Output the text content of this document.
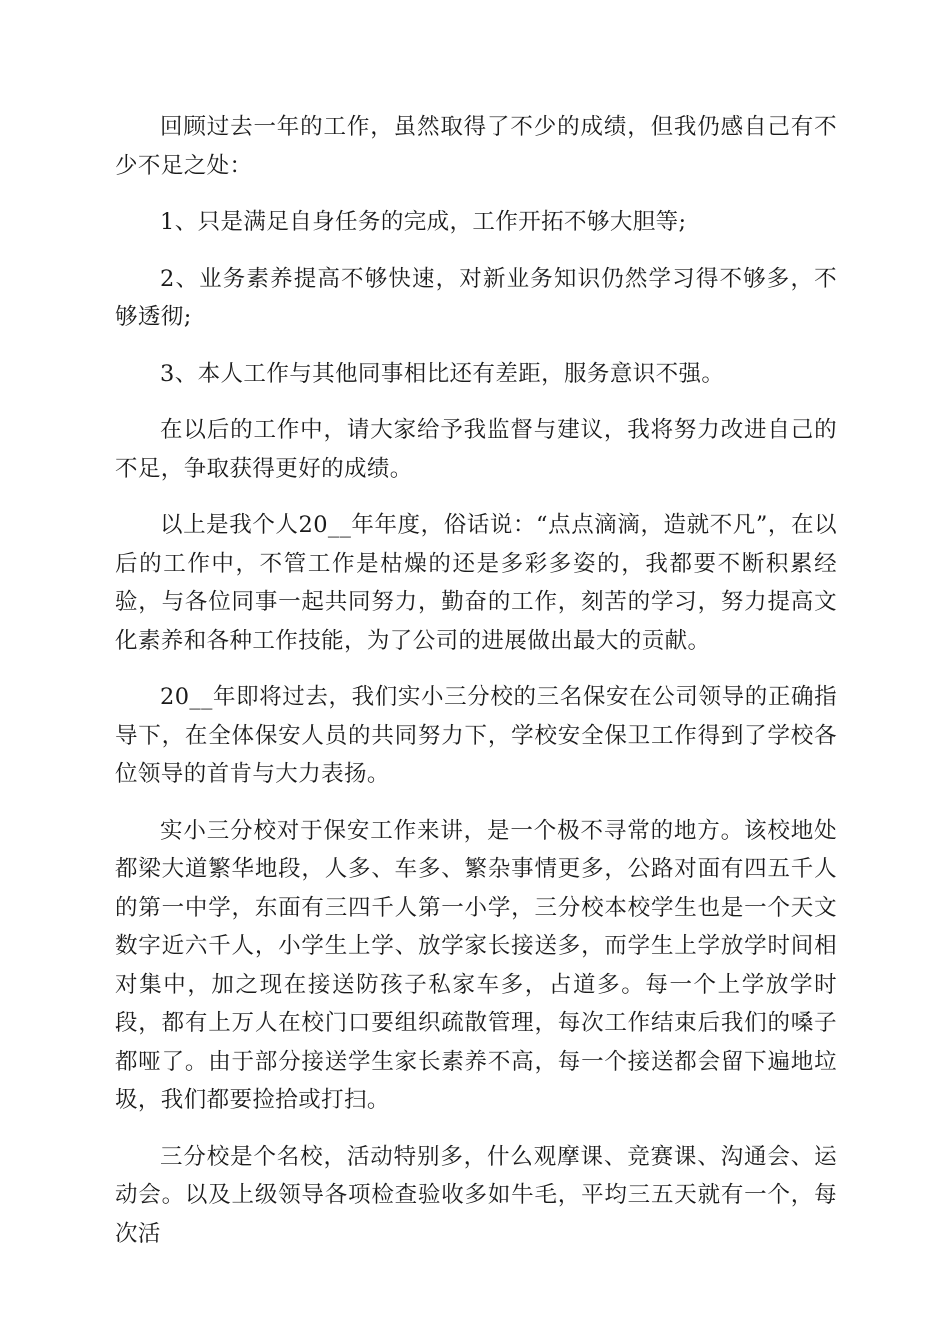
回顾过去一年的工作，虽然取得了不少的成绩，但我仍感自己有不少不足之处：

1、只是满足自身任务的完成，工作开拓不够大胆等;

2、业务素养提高不够快速，对新业务知识仍然学习得不够多，不够透彻;

3、本人工作与其他同事相比还有差距，服务意识不强。

在以后的工作中，请大家给予我监督与建议，我将努力改进自己的不足，争取获得更好的成绩。

以上是我个人20__年年度，俗话说：“点点滴滴，造就不凡”，在以后的工作中，不管工作是枯燥的还是多彩多姿的，我都要不断积累经验，与各位同事一起共同努力，勤奋的工作，刻苦的学习，努力提高文化素养和各种工作技能，为了公司的进展做出最大的贡献。

20__年即将过去，我们实小三分校的三名保安在公司领导的正确指导下，在全体保安人员的共同努力下，学校安全保卫工作得到了学校各位领导的首肯与大力表扬。

实小三分校对于保安工作来讲，是一个极不寻常的地方。该校地处都梁大道繁华地段，人多、车多、繁杂事情更多，公路对面有四五千人的第一中学，东面有三四千人第一小学，三分校本校学生也是一个天文数字近六千人，小学生上学、放学家长接送多，而学生上学放学时间相对集中，加之现在接送防孩子私家车多，占道多。每一个上学放学时段，都有上万人在校门口要组织疏散管理，每次工作结束后我们的嗓子都哑了。由于部分接送学生家长素养不高，每一个接送都会留下遍地垃圾，我们都要捡拾或打扫。

三分校是个名校，活动特别多，什么观摩课、竞赛课、沟通会、运动会。以及上级领导各项检查验收多如牛毛，平均三五天就有一个，每次活
